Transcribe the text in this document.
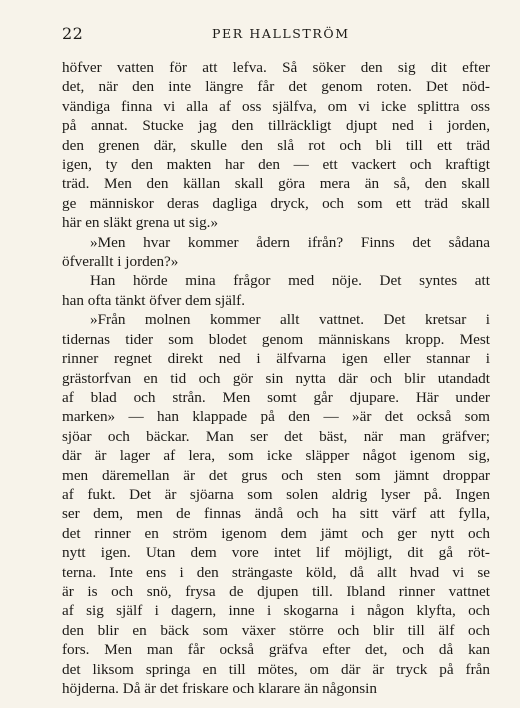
22	PER HALLSTRÖM
höfver vatten för att lefva. Så söker den sig dit efter
det, när den inte längre får det genom roten. Det nöd-
vändiga finna vi alla af oss själfva, om vi icke splittra oss
på annat. Stucke jag den tillräckligt djupt ned i jorden,
den grenen där, skulle den slå rot och bli till ett träd
igen, ty den makten har den — ett vackert och kraftigt
träd. Men den källan skall göra mera än så, den skall
ge människor deras dagliga dryck, och som ett träd skall
här en släkt grena ut sig.»
»Men hvar kommer ådern ifrån? Finns det sådana
öfverallt i jorden?»
Han hörde mina frågor med nöje. Det syntes att
han ofta tänkt öfver dem själf.
»Från molnen kommer allt vattnet. Det kretsar i
tidernas tider som blodet genom människans kropp. Mest
rinner regnet direkt ned i älfvarna igen eller stannar i
grästorfvan en tid och gör sin nytta där och blir utandadt
af blad och strån. Men somt går djupare. Här under
marken» — han klappade på den — »är det också som
sjöar och bäckar. Man ser det bäst, när man gräfver;
där är lager af lera, som icke släpper något igenom sig,
men däremellan är det grus och sten som jämnt droppar
af fukt. Det är sjöarna som solen aldrig lyser på. Ingen
ser dem, men de finnas ändå och ha sitt värf att fylla,
det rinner en ström igenom dem jämt och ger nytt och
nytt igen. Utan dem vore intet lif möjligt, dit gå röt-
terna. Inte ens i den strängaste köld, då allt hvad vi se
är is och snö, frysa de djupen till. Ibland rinner vattnet
af sig själf i dagern, inne i skogarna i någon klyfta, och
den blir en bäck som växer större och blir till älf och
fors. Men man får också gräfva efter det, och då kan
det liksom springa en till mötes, om där är tryck på från
höjderna. Då är det friskare och klarare än någonsin
